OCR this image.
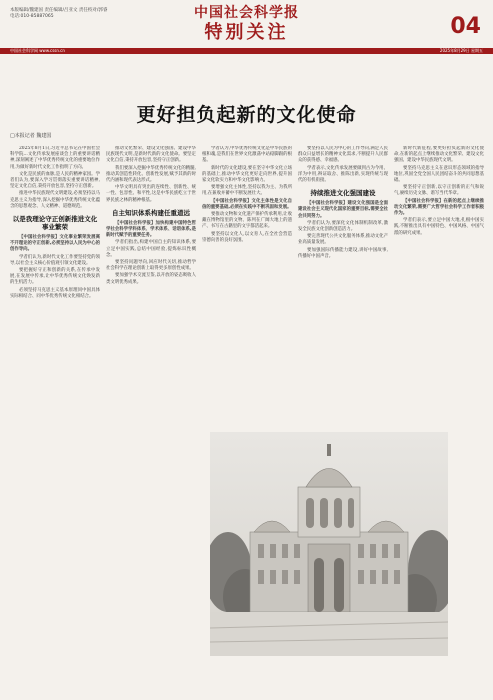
本版编辑/魏建国 责任编辑/吕亚文 责任校对/郭睿
电话:010-85887065	中国社会科学报
特别关注	04
中国社会科学网 www.cssn.cn	2025年8月29日 星期五
更好担负起新的文化使命
□本报记者 魏建国

2025年8月1日,习近平总书记在中国社会科学院...文化传承发展座谈会上的重要讲话精神,深刻阐述了中华优秀传统文化的重要地位作用,为做好新时代文化工作指明了方向。

文化是民族的血脉,是人民的精神家园。学者们认为,要深入学习贯彻落实重要讲话精神,坚定文化自信,秉持开放包容,坚持守正创新。

推进中华民族现代文明建设,必须坚持以马克思主义为指导,深入挖掘中华优秀传统文化蕴含的思想观念、人文精神、道德规范。

以是我理论守正创新推进文化事业繁荣

【中国社会科学报】文化事业繁荣发展离不开理论的守正创新,必须坚持以人民为中心的创作导向。

学者们认为,新时代文化工作要坚持党的领导,以社会主义核心价值观引领文化建设。

要把握好守正和创新的关系,在传承中发展,在发展中传承,让中华优秀传统文化焕发新的生机活力。

必须坚持马克思主义基本原理同中国具体实际相结合、同中华优秀传统文化相结合。

推动文化繁荣、建设文化强国、建设中华民族现代文明,是新时代新的文化使命。要坚定文化自信,秉持开放包容,坚持守正创新。

我们要深入挖掘中华优秀传统文化的精髓,推动其创造性转化、创新性发展,赋予其新的时代内涵和现代表达形式。

中华文明具有突出的连续性、创新性、统一性、包容性、和平性,这是中华民族屹立于世界民族之林的精神根基。

自主知识体系构建任重道远

【中国社会科学报】加快构建中国特色哲学社会科学学科体系、学术体系、话语体系,是新时代赋予的重要任务。

学者们指出,构建中国自主的知识体系,要立足中国实践,总结中国经验,提炼标识性概念。

要坚持问题导向,回应时代关切,推动哲学社会科学在理论创新上取得更多原创性成果。

要加强学术交流互鉴,以开放的姿态吸收人类文明优秀成果。

学者认为,中华优秀传统文化是中华民族的根和魂,是我们在世界文化激荡中站稳脚跟的根基。

新时代的文化建设,要在坚守中华文化立场的基础上,推动中华文化更好走向世界,提升国家文化软实力和中华文化影响力。

要增强文化主体性,坚持以我为主、为我所用,在兼收并蓄中不断发展壮大。

【中国社会科学报】文化主体性是文化自信的重要基础,必须在实践中不断巩固和发展。

要推动文物和文化遗产保护传承利用,让收藏在博物馆里的文物、陈列在广阔大地上的遗产、书写在古籍里的文字都活起来。

要坚持以文化人,以文育人,在全社会营造崇德向善的良好氛围。

要坚持以人民为中心的工作导向,满足人民群众日益增长的精神文化需求,不断提升人民群众的获得感、幸福感。

学者表示,文化传承发展要做到古为今用、洋为中用,辩证取舍、推陈出新,实现传统与现代的有机衔接。

持续推进文化强国建设

【中国社会科学报】建设文化强国是全面建设社会主义现代化国家的重要目标,需要全社会共同努力。

学者们认为,要深化文化体制机制改革,激发全民族文化创新创造活力。

要完善现代公共文化服务体系,推动文化产业高质量发展。

要加强国际传播能力建设,讲好中国故事,传播好中国声音。

新时代新征程,要更好担负起新的文化使命,在新的起点上继续推动文化繁荣、建设文化强国、建设中华民族现代文明。

要坚持马克思主义在意识形态领域的指导地位,巩固全党全国人民团结奋斗的共同思想基础。

要坚持守正创新,以守正创新的正气和锐气,赓续历史文脉、谱写当代华章。

【中国社会科学报】在新的起点上继续推动文化繁荣,需要广大哲学社会科学工作者积极作为。

学者们表示,要立足中国大地,扎根中国实践,不断推出具有中国特色、中国风格、中国气派的研究成果。
